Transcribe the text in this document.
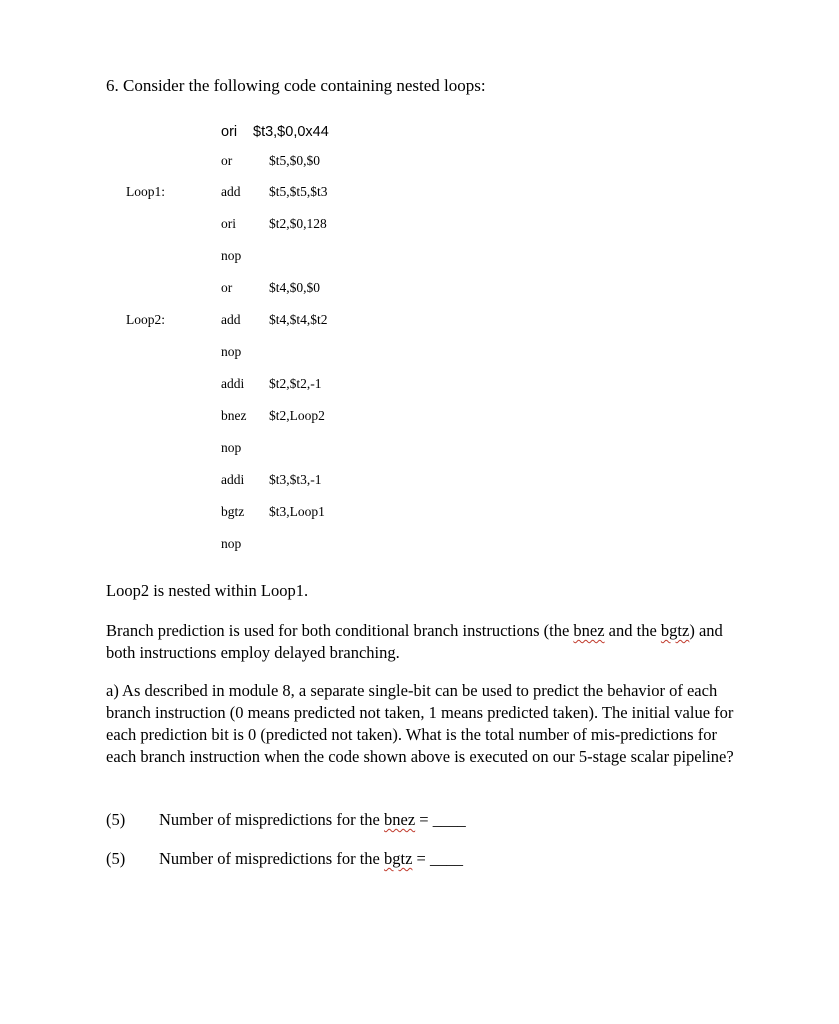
6. Consider the following code containing nested loops:
ori $t3,$0,0x44
or	$t5,$0,$0
Loop1:	add $t5,$t5,$t3
ori $t2,$0,128
nop
or	$t4,$0,$0
Loop2:	add $t4,$t4,$t2
nop
addi $t2,$t2,-1
bnez $t2,Loop2
nop
addi $t3,$t3,-1
bgtz $t3,Loop1
nop
Loop2 is nested within Loop1.
Branch prediction is used for both conditional branch instructions (the bnez and the bgtz) and both instructions employ delayed branching.
a) As described in module 8, a separate single-bit can be used to predict the behavior of each branch instruction (0 means predicted not taken, 1 means predicted taken). The initial value for each prediction bit is 0 (predicted not taken). What is the total number of mis-predictions for each branch instruction when the code shown above is executed on our 5-stage scalar pipeline?
(5) Number of mispredictions for the bnez = ____
(5) Number of mispredictions for the bgtz = ____
